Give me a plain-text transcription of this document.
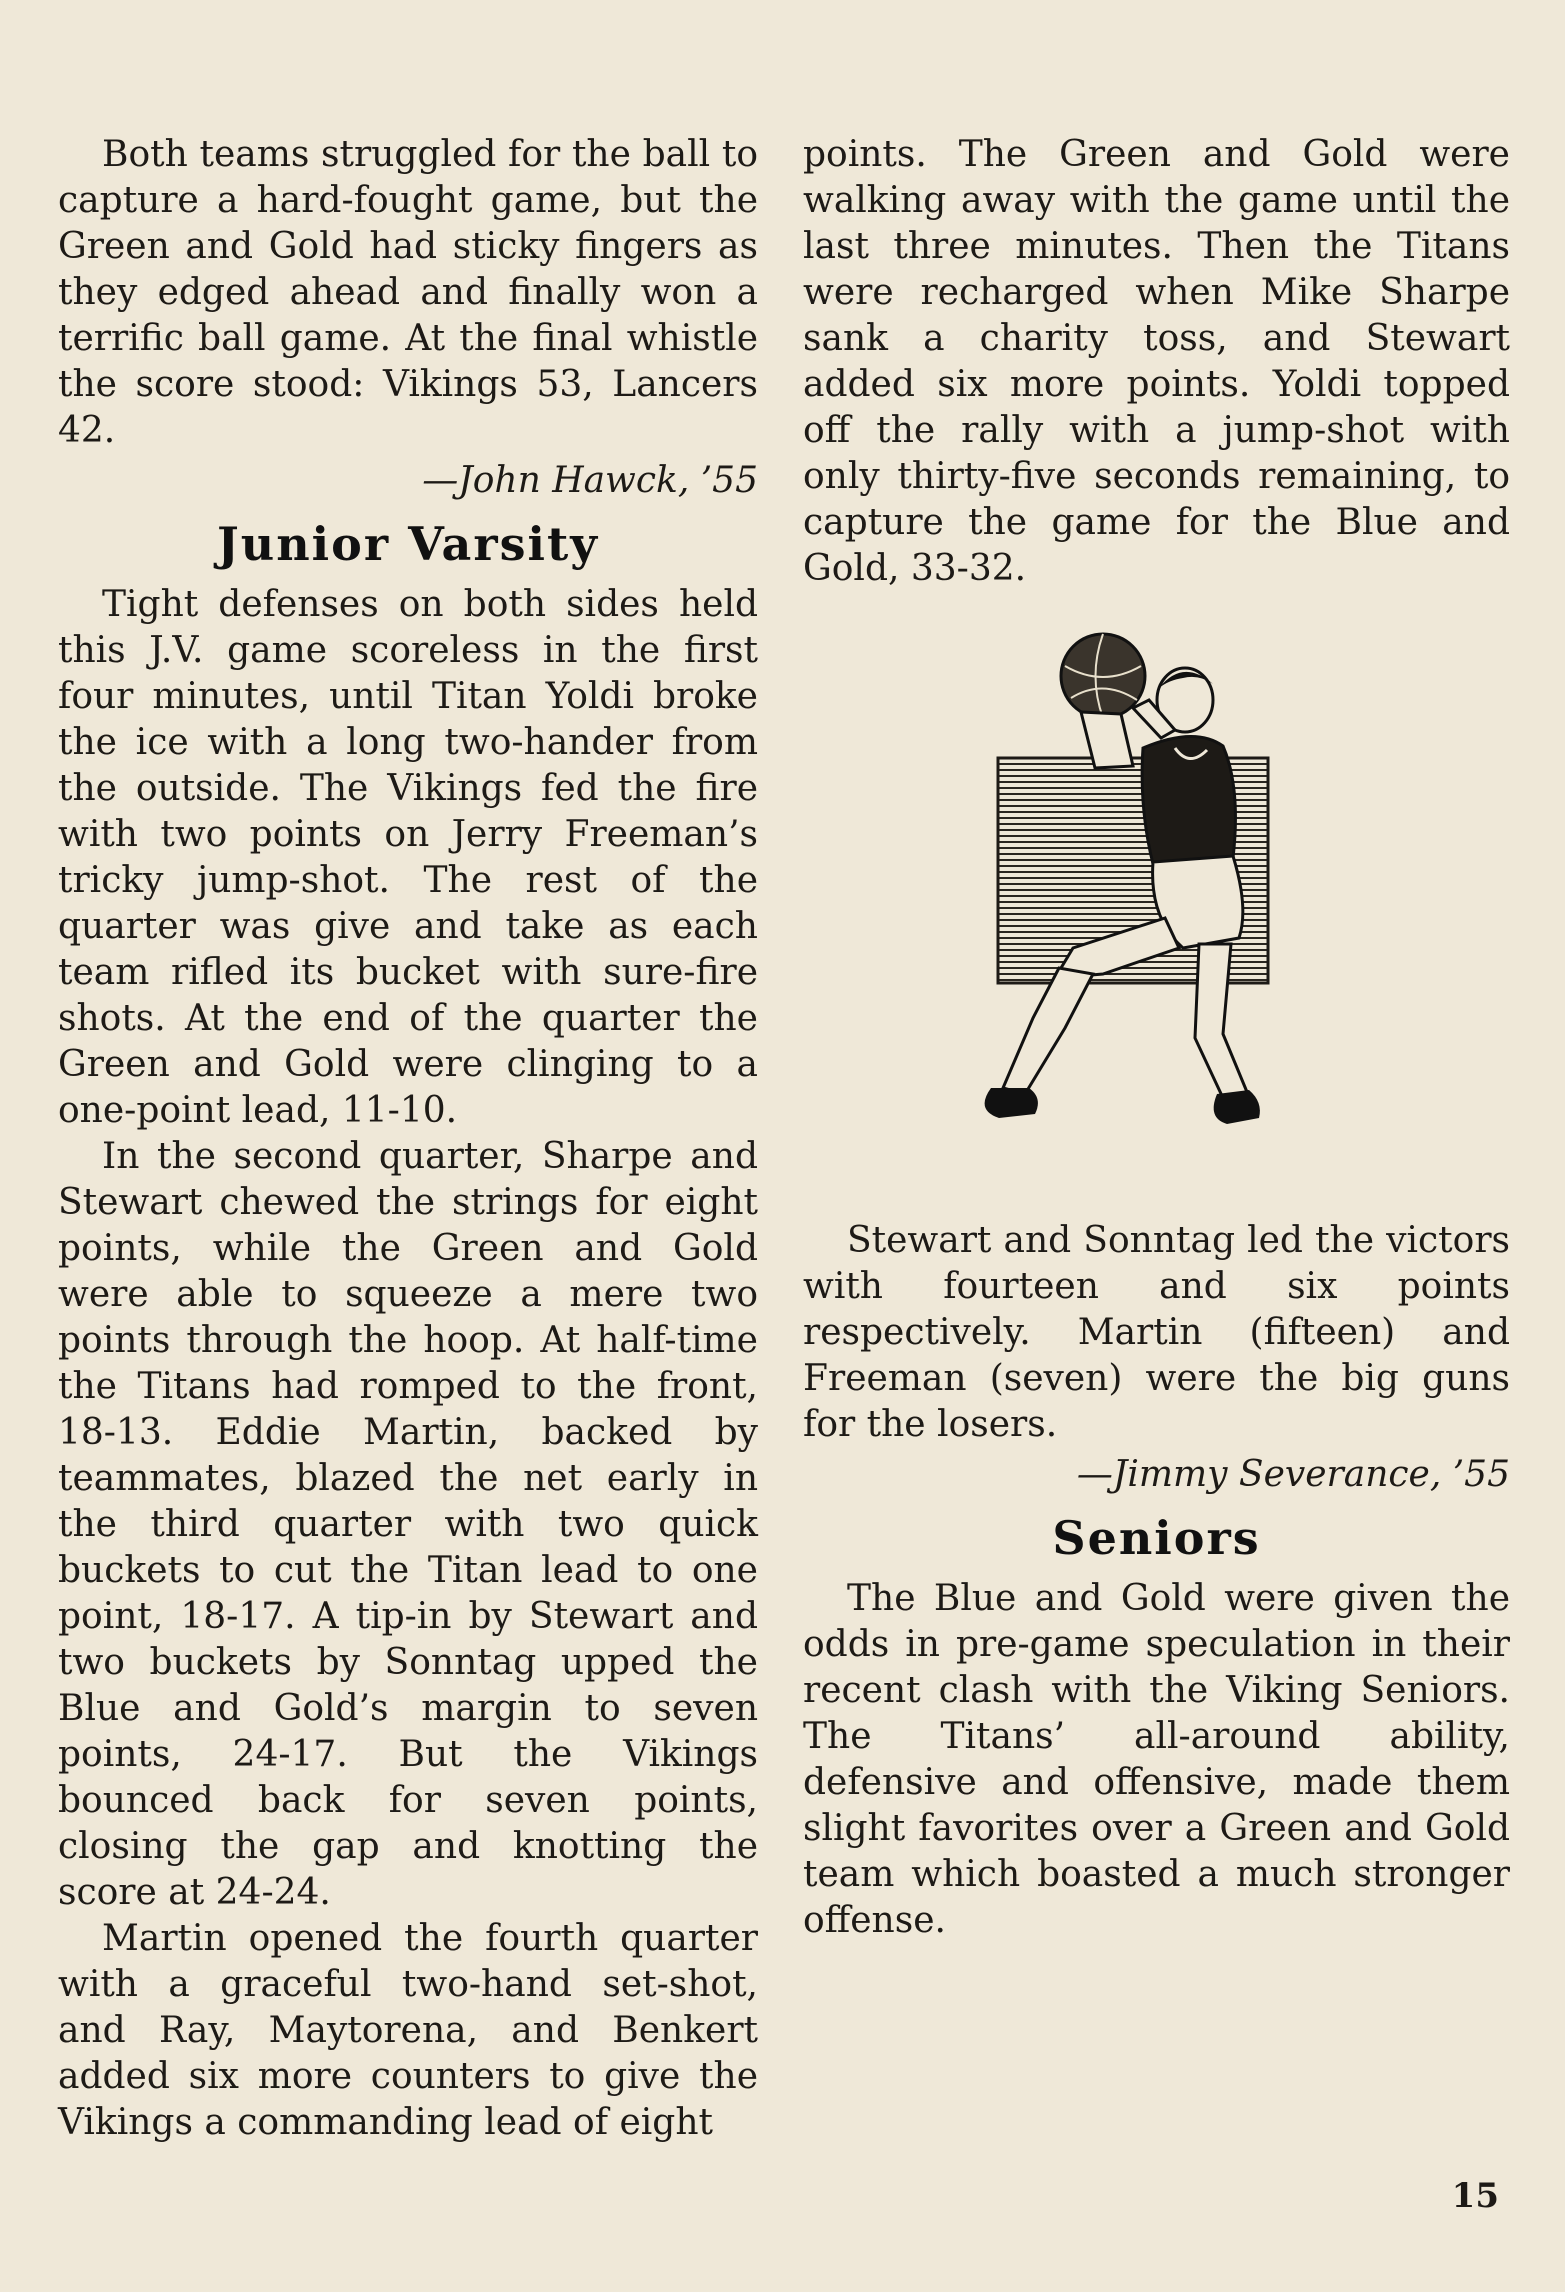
Both teams struggled for the ball to capture a hard-fought game, but the Green and Gold had sticky fingers as they edged ahead and finally won a terrific ball game. At the final whistle the score stood: Vikings 53, Lancers 42.

—John Hawck, ’55
Junior Varsity

Tight defenses on both sides held this J.V. game scoreless in the first four minutes, until Titan Yoldi broke the ice with a long two-hander from the outside. The Vikings fed the fire with two points on Jerry Freeman’s tricky jump-shot. The rest of the quarter was give and take as each team rifled its bucket with sure-fire shots. At the end of the quarter the Green and Gold were clinging to a one-point lead, 11-10.

In the second quarter, Sharpe and Stewart chewed the strings for eight points, while the Green and Gold were able to squeeze a mere two points through the hoop. At half-time the Titans had romped to the front, 18-13. Eddie Martin, backed by teammates, blazed the net early in the third quarter with two quick buckets to cut the Titan lead to one point, 18-17. A tip-in by Stewart and two buckets by Sonntag upped the Blue and Gold’s margin to seven points, 24-17. But the Vikings bounced back for seven points, closing the gap and knotting the score at 24-24.

Martin opened the fourth quarter with a graceful two-hand set-shot, and Ray, Maytorena, and Benkert added six more counters to give the Vikings a commanding lead of eight

points. The Green and Gold were walking away with the game until the last three minutes. Then the Titans were recharged when Mike Sharpe sank a charity toss, and Stewart added six more points. Yoldi topped off the rally with a jump-shot with only thirty-five seconds remaining, to capture the game for the Blue and Gold, 33-32.

Stewart and Sonntag led the victors with fourteen and six points respectively. Martin (fifteen) and Freeman (seven) were the big guns for the losers.

—Jimmy Severance, ’55
Seniors

The Blue and Gold were given the odds in pre-game speculation in their recent clash with the Viking Seniors. The Titans’ all-around ability, defensive and offensive, made them slight favorites over a Green and Gold team which boasted a much stronger offense.

15
